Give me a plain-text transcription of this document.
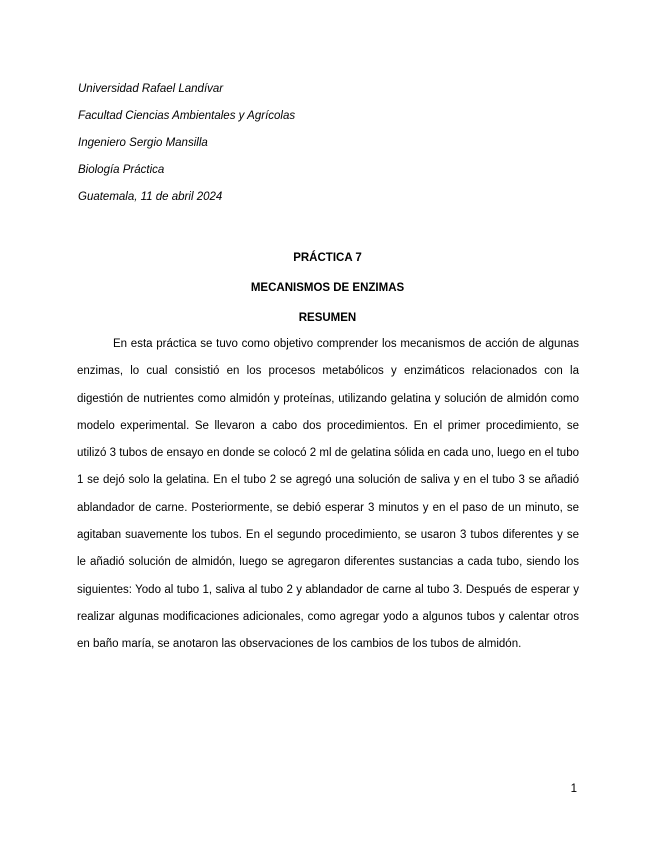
Universidad Rafael Landívar
Facultad Ciencias Ambientales y Agrícolas
Ingeniero Sergio Mansilla
Biología Práctica
Guatemala, 11 de abril 2024
PRÁCTICA 7
MECANISMOS DE ENZIMAS
RESUMEN

En esta práctica se tuvo como objetivo comprender los mecanismos de acción de algunas enzimas, lo cual consistió en los procesos metabólicos y enzimáticos relacionados con la digestión de nutrientes como almidón y proteínas, utilizando gelatina y solución de almidón como modelo experimental. Se llevaron a cabo dos procedimientos. En el primer procedimiento, se utilizó 3 tubos de ensayo en donde se colocó 2 ml de gelatina sólida en cada uno, luego en el tubo 1 se dejó solo la gelatina. En el tubo 2 se agregó una solución de saliva y en el tubo 3 se añadió ablandador de carne. Posteriormente, se debió esperar 3 minutos y en el paso de un minuto, se agitaban suavemente los tubos. En el segundo procedimiento, se usaron 3 tubos diferentes y se le añadió solución de almidón, luego se agregaron diferentes sustancias a cada tubo, siendo los siguientes: Yodo al tubo 1, saliva al tubo 2 y ablandador de carne al tubo 3. Después de esperar y realizar algunas modificaciones adicionales, como agregar yodo a algunos tubos y calentar otros en baño maría, se anotaron las observaciones de los cambios de los tubos de almidón.

1
